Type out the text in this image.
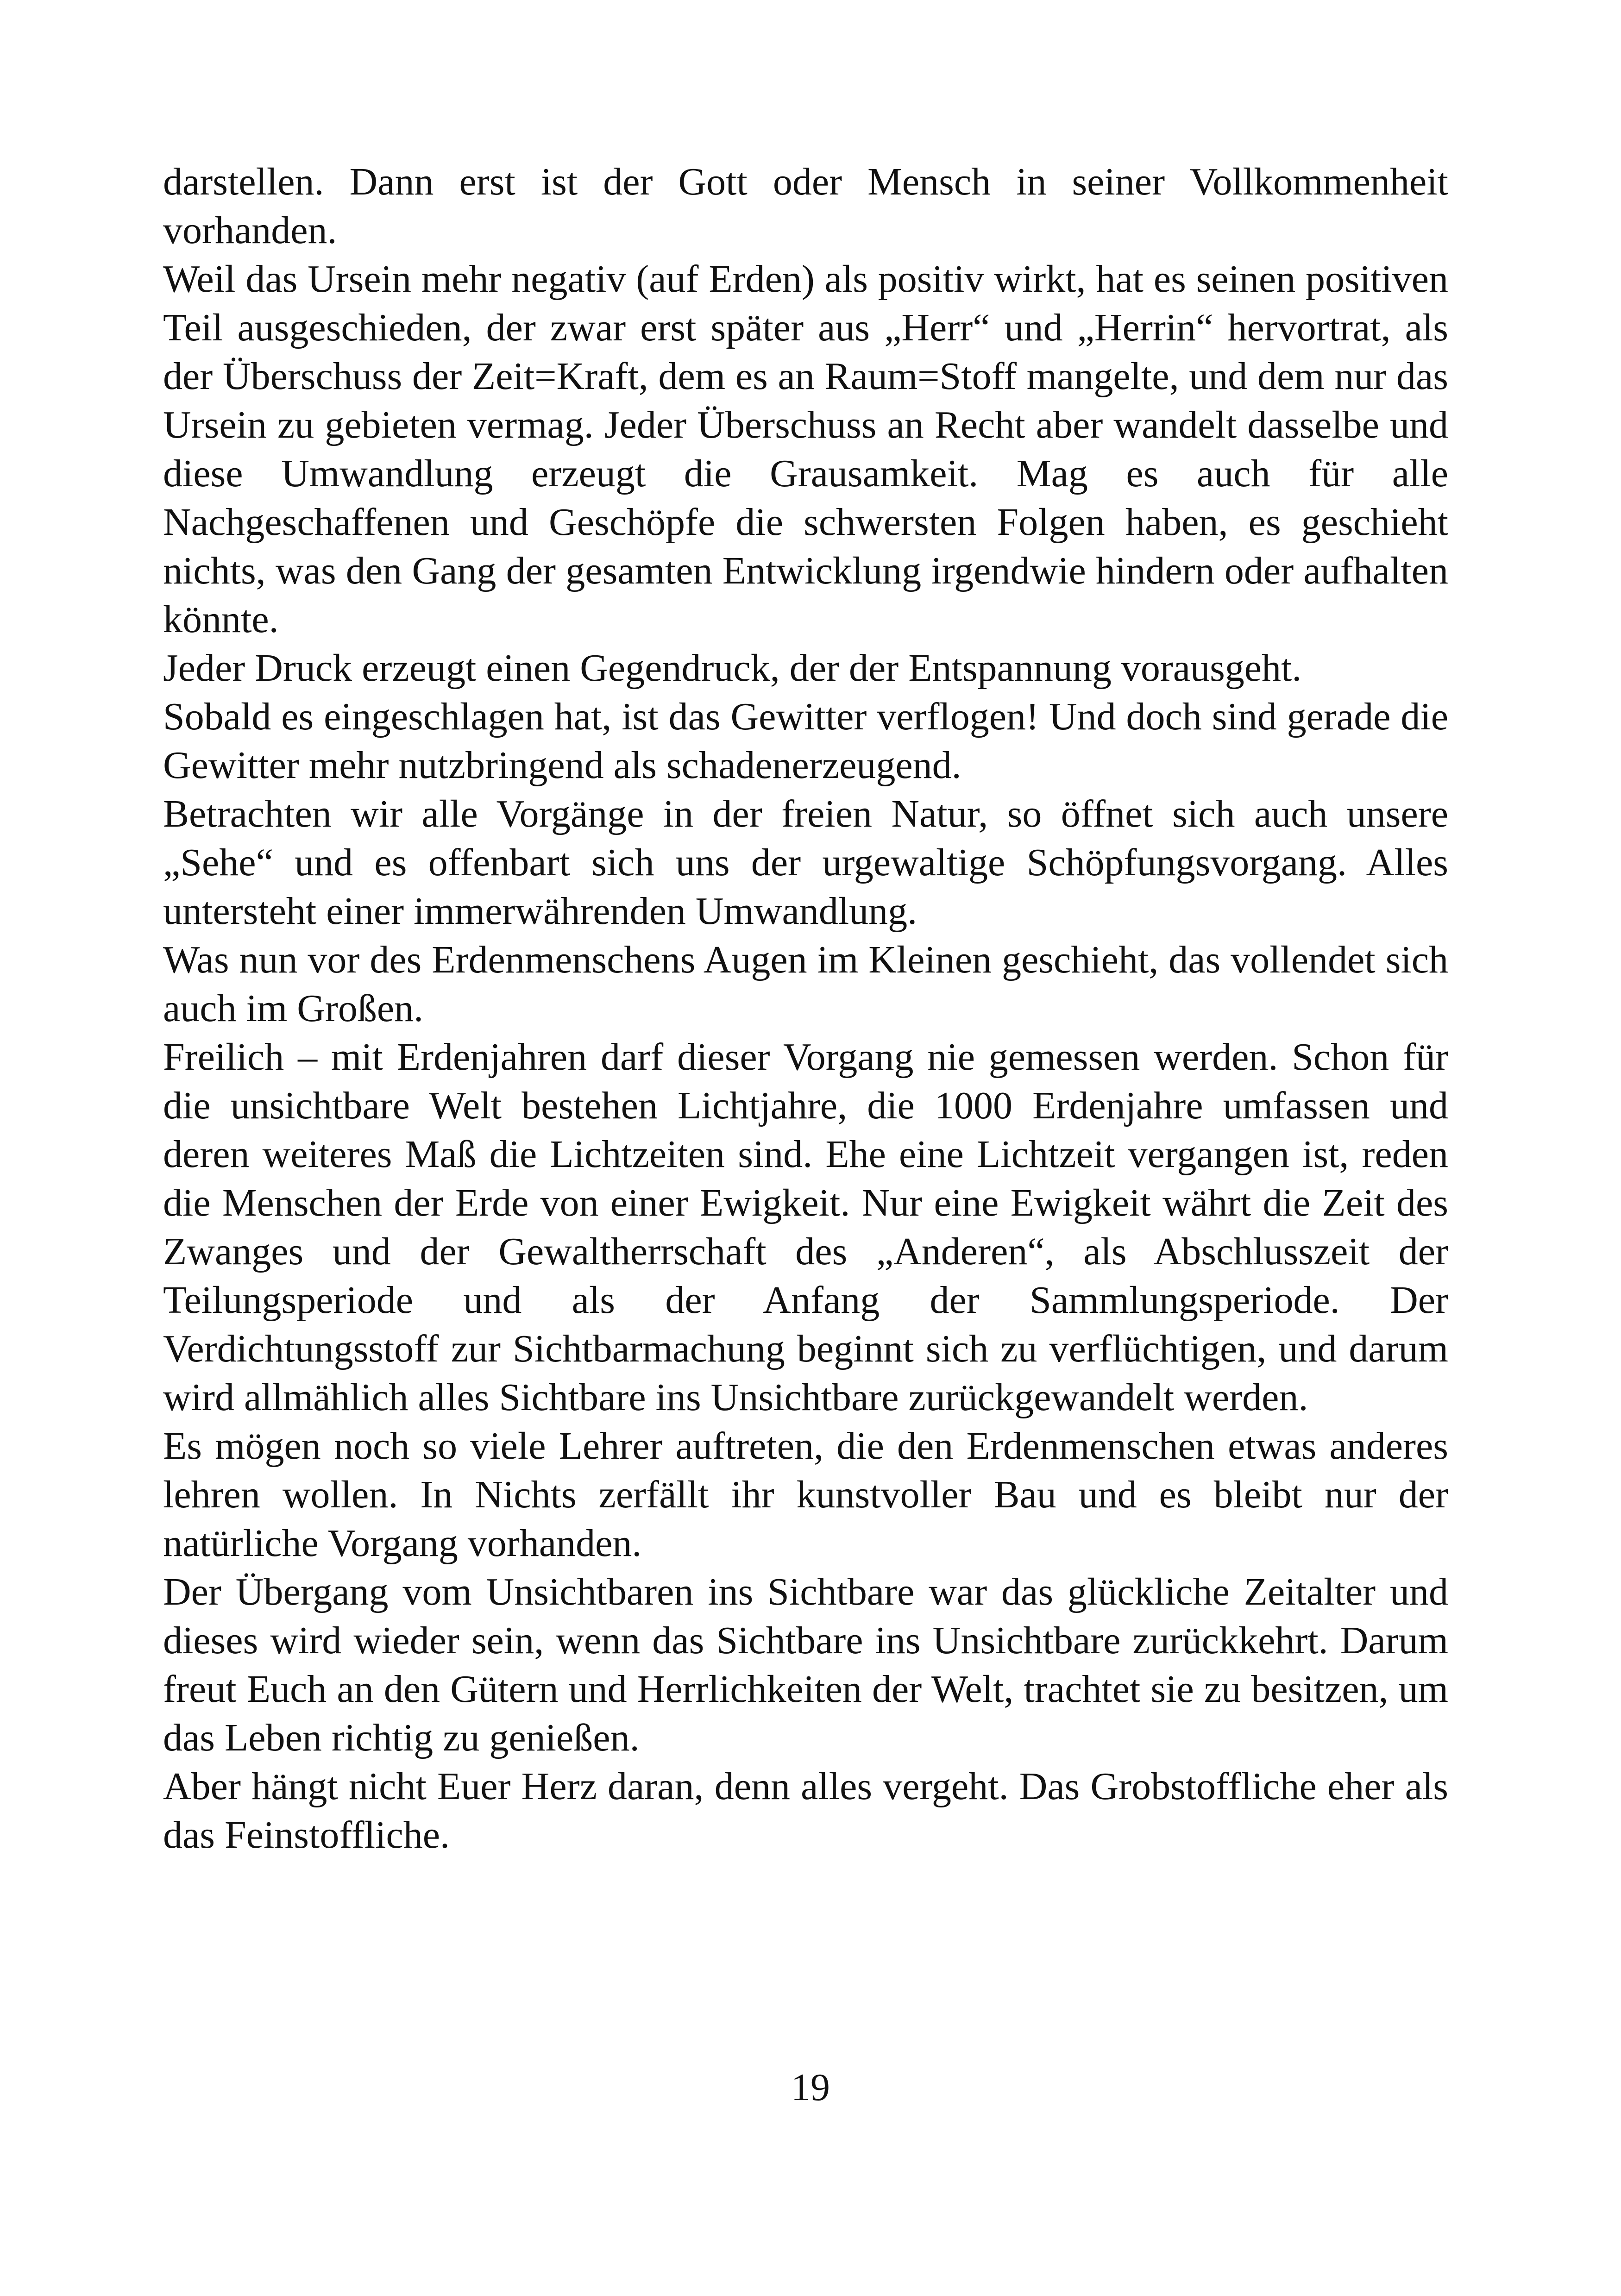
darstellen. Dann erst ist der Gott oder Mensch in seiner Vollkommenheit vorhanden.

Weil das Ursein mehr negativ (auf Erden) als positiv wirkt, hat es seinen positiven Teil ausgeschieden, der zwar erst später aus „Herr“ und „Herrin“ hervortrat, als der Überschuss der Zeit=Kraft, dem es an Raum=Stoff mangelte, und dem nur das Ursein zu gebieten vermag. Jeder Überschuss an Recht aber wandelt dasselbe und diese Umwandlung erzeugt die Grausamkeit. Mag es auch für alle Nachgeschaffenen und Geschöpfe die schwersten Folgen haben, es geschieht nichts, was den Gang der gesamten Entwicklung irgendwie hindern oder aufhalten könnte.

Jeder Druck erzeugt einen Gegendruck, der der Entspannung vorausgeht.

Sobald es eingeschlagen hat, ist das Gewitter verflogen! Und doch sind gerade die Gewitter mehr nutzbringend als schadenerzeugend.

Betrachten wir alle Vorgänge in der freien Natur, so öffnet sich auch unsere „Sehe“ und es offenbart sich uns der urgewaltige Schöpfungsvorgang. Alles untersteht einer immerwährenden Umwandlung.

Was nun vor des Erdenmenschens Augen im Kleinen geschieht, das vollendet sich auch im Großen.

Freilich – mit Erdenjahren darf dieser Vorgang nie gemessen werden. Schon für die unsichtbare Welt bestehen Lichtjahre, die 1000 Erdenjahre umfassen und deren weiteres Maß die Lichtzeiten sind. Ehe eine Lichtzeit vergangen ist, reden die Menschen der Erde von einer Ewigkeit. Nur eine Ewigkeit währt die Zeit des Zwanges und der Gewaltherrschaft des „Anderen“, als Abschlusszeit der Teilungsperiode und als der Anfang der Sammlungsperiode. Der Verdichtungsstoff zur Sichtbarmachung beginnt sich zu verflüchtigen, und darum wird allmählich alles Sichtbare ins Unsichtbare zurückgewandelt werden.

Es mögen noch so viele Lehrer auftreten, die den Erdenmenschen etwas anderes lehren wollen. In Nichts zerfällt ihr kunstvoller Bau und es bleibt nur der natürliche Vorgang vorhanden.

Der Übergang vom Unsichtbaren ins Sichtbare war das glückliche Zeitalter und dieses wird wieder sein, wenn das Sichtbare ins Unsichtbare zurückkehrt. Darum freut Euch an den Gütern und Herrlichkeiten der Welt, trachtet sie zu besitzen, um das Leben richtig zu genießen.

Aber hängt nicht Euer Herz daran, denn alles vergeht. Das Grobstoffliche eher als das Feinstoffliche.

19
